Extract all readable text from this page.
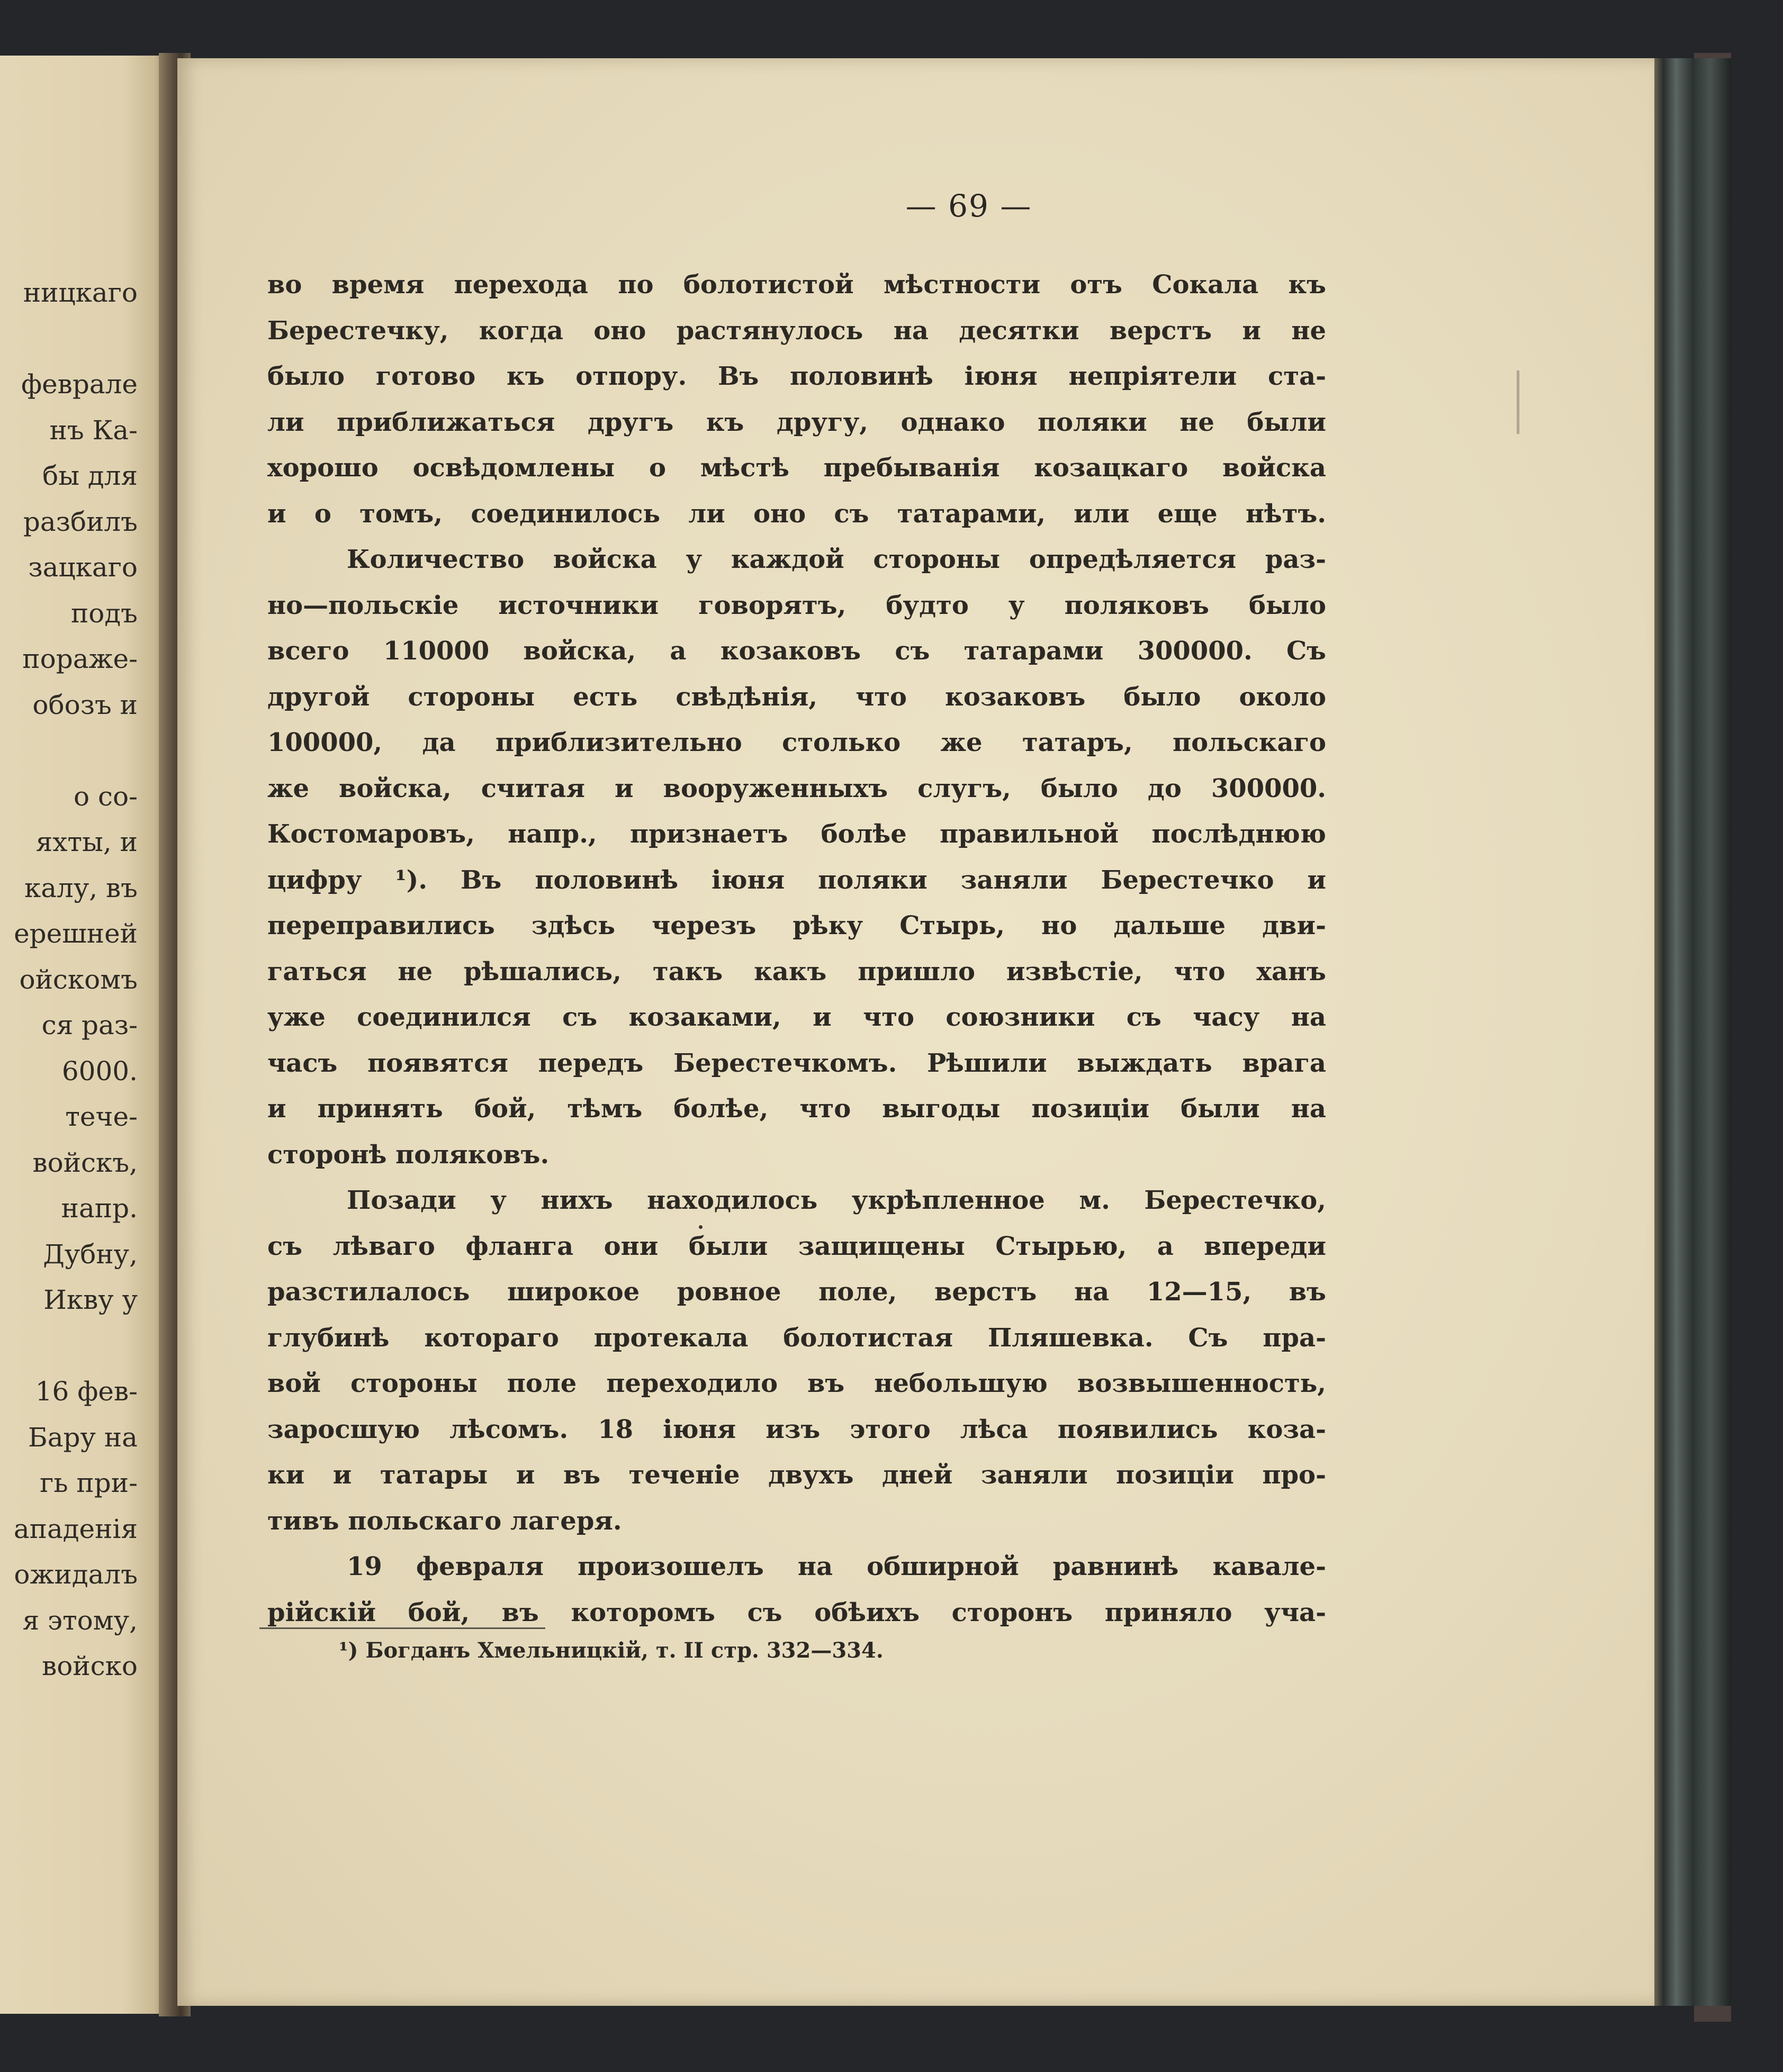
ницкаго
феврале
нъ Ка-
бы для
разбилъ
зацкаго
подъ
пораже-
обозъ и
о со-
яхты, и
калу, въ
ерешней
ойскомъ
ся раз-
6000.
тече-
войскъ,
напр.
Дубну,
Икву у
16 фев-
Бару на
гь при-
ападенія
ожидалъ
я этому,
войско
— 69 —
во время перехода по болотистой мѣстности отъ Сокала къ
Берестечку, когда оно растянулось на десятки верстъ и не
было готово къ отпору. Въ половинѣ іюня непріятели ста-
ли приближаться другъ къ другу, однако поляки не были
хорошо освѣдомлены о мѣстѣ пребыванія козацкаго войска
и о томъ, соединилось ли оно съ татарами, или еще нѣтъ.
Количество войска у каждой стороны опредѣляется раз-
но—польскіе источники говорятъ, будто у поляковъ было
всего 110000 войска, а козаковъ съ татарами 300000. Съ
другой стороны есть свѣдѣнія, что козаковъ было около
100000, да приблизительно столько же татаръ, польскаго
же войска, считая и вооруженныхъ слугъ, было до 300000.
Костомаровъ, напр., признаетъ болѣе правильной послѣднюю
цифру ¹). Въ половинѣ іюня поляки заняли Берестечко и
переправились здѣсь черезъ рѣку Стырь, но дальше дви-
гаться не рѣшались, такъ какъ пришло извѣстіе, что ханъ
уже соединился съ козаками, и что союзники съ часу на
часъ появятся передъ Берестечкомъ. Рѣшили выждать врага
и принять бой, тѣмъ болѣе, что выгоды позиціи были на
сторонѣ поляковъ.
Позади у нихъ находилось укрѣпленное м. Берестечко,
съ лѣваго фланга они были защищены Стырью, а впереди
разстилалось широкое ровное поле, верстъ на 12—15, въ
глубинѣ котораго протекала болотистая Пляшевка. Съ пра-
вой стороны поле переходило въ небольшую возвышенность,
заросшую лѣсомъ. 18 іюня изъ этого лѣса появились коза-
ки и татары и въ теченіе двухъ дней заняли позиціи про-
тивъ польскаго лагеря.
19 февраля произошелъ на обширной равнинѣ кавале-
рійскій бой, въ которомъ съ обѣихъ сторонъ приняло уча-
¹) Богданъ Хмельницкій, т. II стр. 332—334.
